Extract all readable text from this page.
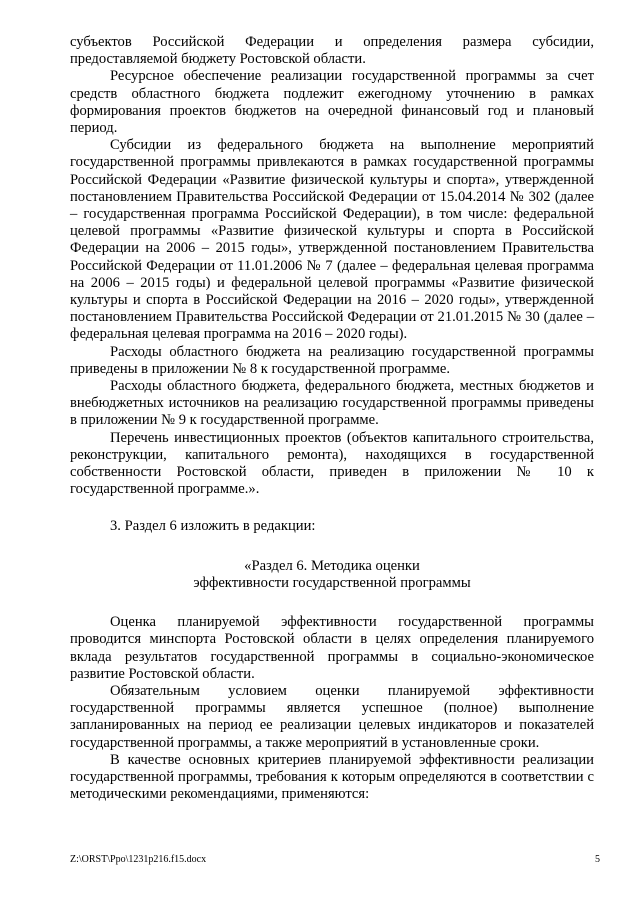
субъектов Российской Федерации и определения размера субсидии, предоставляемой бюджету Ростовской области.

Ресурсное обеспечение реализации государственной программы за счет средств областного бюджета подлежит ежегодному уточнению в рамках формирования проектов бюджетов на очередной финансовый год и плановый период.

Субсидии из федерального бюджета на выполнение мероприятий государственной программы привлекаются в рамках государственной программы Российской Федерации «Развитие физической культуры и спорта», утвержденной постановлением Правительства Российской Федерации от 15.04.2014 № 302 (далее – государственная программа Российской Федерации), в том числе: федеральной целевой программы «Развитие физической культуры и спорта в Российской Федерации на 2006 – 2015 годы», утвержденной постановлением Правительства Российской Федерации от 11.01.2006 № 7 (далее – федеральная целевая программа на 2006 – 2015 годы) и федеральной целевой программы «Развитие физической культуры и спорта в Российской Федерации на 2016 – 2020 годы», утвержденной постановлением Правительства Российской Федерации от 21.01.2015 № 30 (далее – федеральная целевая программа на 2016 – 2020 годы).

Расходы областного бюджета на реализацию государственной программы приведены в приложении № 8 к государственной программе.

Расходы областного бюджета, федерального бюджета, местных бюджетов и внебюджетных источников на реализацию государственной программы приведены в приложении № 9 к государственной программе.

Перечень инвестиционных проектов (объектов капитального строительства, реконструкции, капитального ремонта), находящихся в государственной собственности Ростовской области, приведен в приложении № 10 к государственной программе.».

3. Раздел 6 изложить в редакции:

«Раздел 6. Методика оценки

эффективности государственной программы

Оценка планируемой эффективности государственной программы проводится минспорта Ростовской области в целях определения планируемого вклада результатов государственной программы в социально-экономическое развитие Ростовской области.

Обязательным условием оценки планируемой эффективности государственной программы является успешное (полное) выполнение запланированных на период ее реализации целевых индикаторов и показателей государственной программы, а также мероприятий в установленные сроки.

В качестве основных критериев планируемой эффективности реализации государственной программы, требования к которым определяются в соответствии с методическими рекомендациями, применяются:

Z:\ORST\Ppo\1231p216.f15.docx	5
